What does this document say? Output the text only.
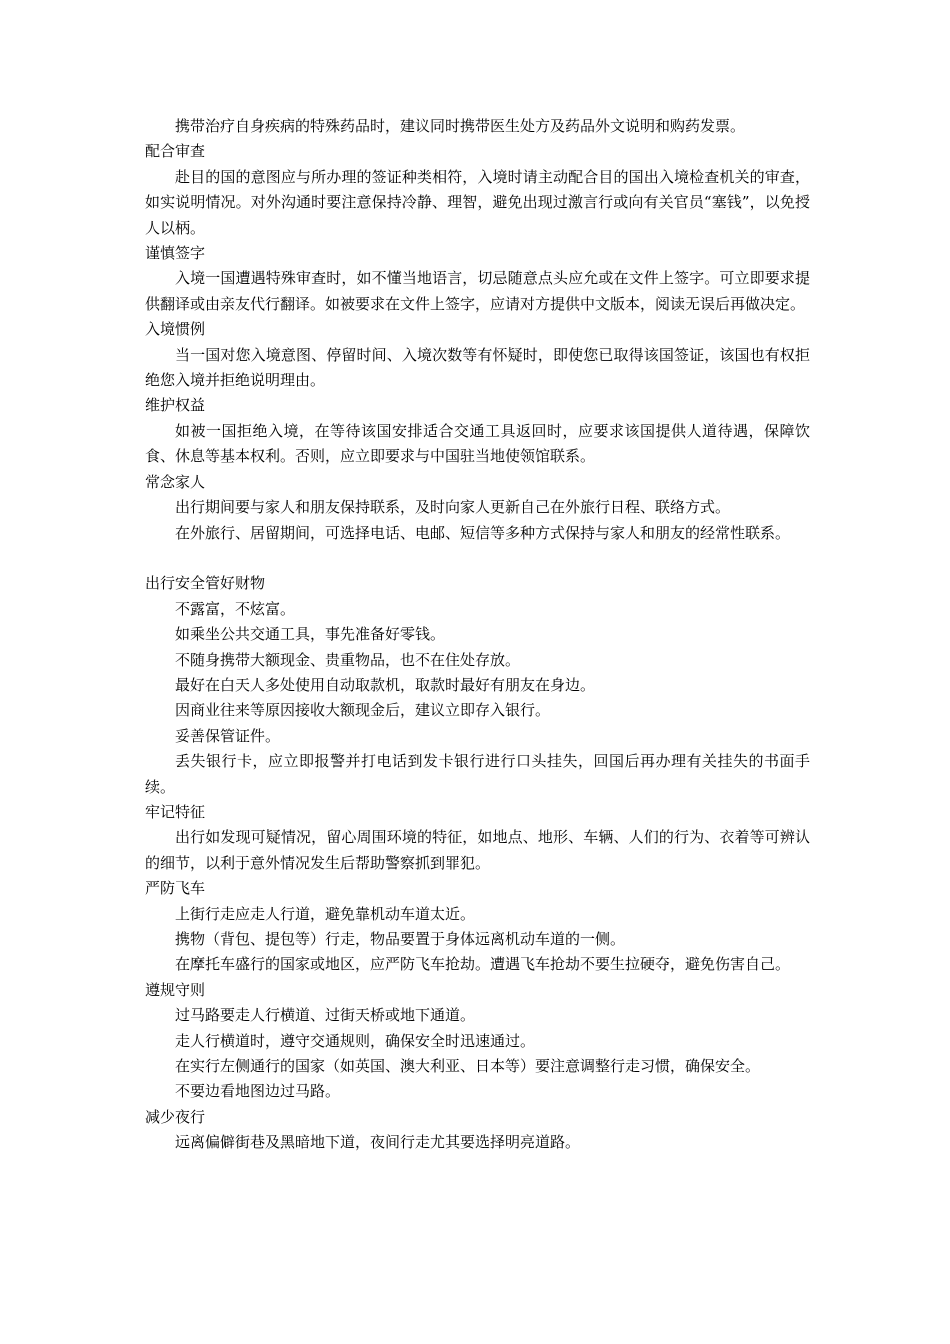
携带治疗自身疾病的特殊药品时，建议同时携带医生处方及药品外文说明和购药发票。

配合审查

赴目的国的意图应与所办理的签证种类相符，入境时请主动配合目的国出入境检查机关的审查，如实说明情况。对外沟通时要注意保持冷静、理智，避免出现过激言行或向有关官员“塞钱”，以免授人以柄。

谨慎签字

入境一国遭遇特殊审查时，如不懂当地语言，切忌随意点头应允或在文件上签字。可立即要求提供翻译或由亲友代行翻译。如被要求在文件上签字，应请对方提供中文版本，阅读无误后再做决定。

入境惯例

当一国对您入境意图、停留时间、入境次数等有怀疑时，即使您已取得该国签证，该国也有权拒绝您入境并拒绝说明理由。

维护权益

如被一国拒绝入境，在等待该国安排适合交通工具返回时，应要求该国提供人道待遇，保障饮食、休息等基本权利。否则，应立即要求与中国驻当地使领馆联系。

常念家人

出行期间要与家人和朋友保持联系，及时向家人更新自己在外旅行日程、联络方式。

在外旅行、居留期间，可选择电话、电邮、短信等多种方式保持与家人和朋友的经常性联系。

出行安全管好财物

不露富，不炫富。

如乘坐公共交通工具，事先准备好零钱。

不随身携带大额现金、贵重物品，也不在住处存放。

最好在白天人多处使用自动取款机，取款时最好有朋友在身边。

因商业往来等原因接收大额现金后，建议立即存入银行。

妥善保管证件。

丢失银行卡，应立即报警并打电话到发卡银行进行口头挂失，回国后再办理有关挂失的书面手续。

牢记特征

出行如发现可疑情况，留心周围环境的特征，如地点、地形、车辆、人们的行为、衣着等可辨认的细节，以利于意外情况发生后帮助警察抓到罪犯。

严防飞车

上街行走应走人行道，避免靠机动车道太近。

携物（背包、提包等）行走，物品要置于身体远离机动车道的一侧。

在摩托车盛行的国家或地区，应严防飞车抢劫。遭遇飞车抢劫不要生拉硬夺，避免伤害自己。

遵规守则

过马路要走人行横道、过街天桥或地下通道。

走人行横道时，遵守交通规则，确保安全时迅速通过。

在实行左侧通行的国家（如英国、澳大利亚、日本等）要注意调整行走习惯，确保安全。

不要边看地图边过马路。

减少夜行

远离偏僻街巷及黑暗地下道，夜间行走尤其要选择明亮道路。
